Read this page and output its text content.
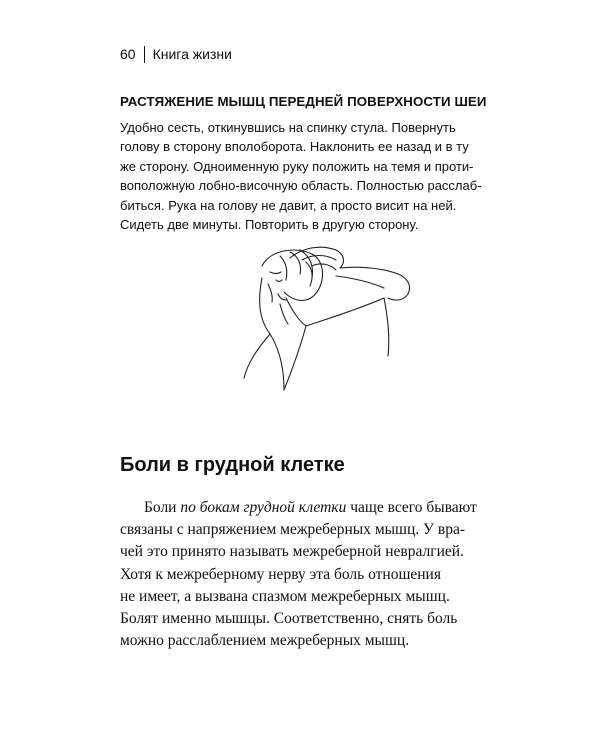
60 Книга жизни
РАСТЯЖЕНИЕ МЫШЦ ПЕРЕДНЕЙ ПОВЕРХНОСТИ ШЕИ
Удобно сесть, откинувшись на спинку стула. Повернуть
голову в сторону вполоборота. Наклонить ее назад и в ту
же сторону. Одноименную руку положить на темя и проти-
воположную лобно-височную область. Полностью расслаб-
биться. Рука на голову не давит, а просто висит на ней.
Сидеть две минуты. Повторить в другую сторону.
Боли в грудной клетке
Боли по бокам грудной клетки чаще всего бывают
связаны с напряжением межреберных мышц. У вра-
чей это принято называть межреберной невралгией.
Хотя к межреберному нерву эта боль отношения
не имеет, а вызвана спазмом межреберных мышц.
Болят именно мышцы. Соответственно, снять боль
можно расслаблением межреберных мышц.
